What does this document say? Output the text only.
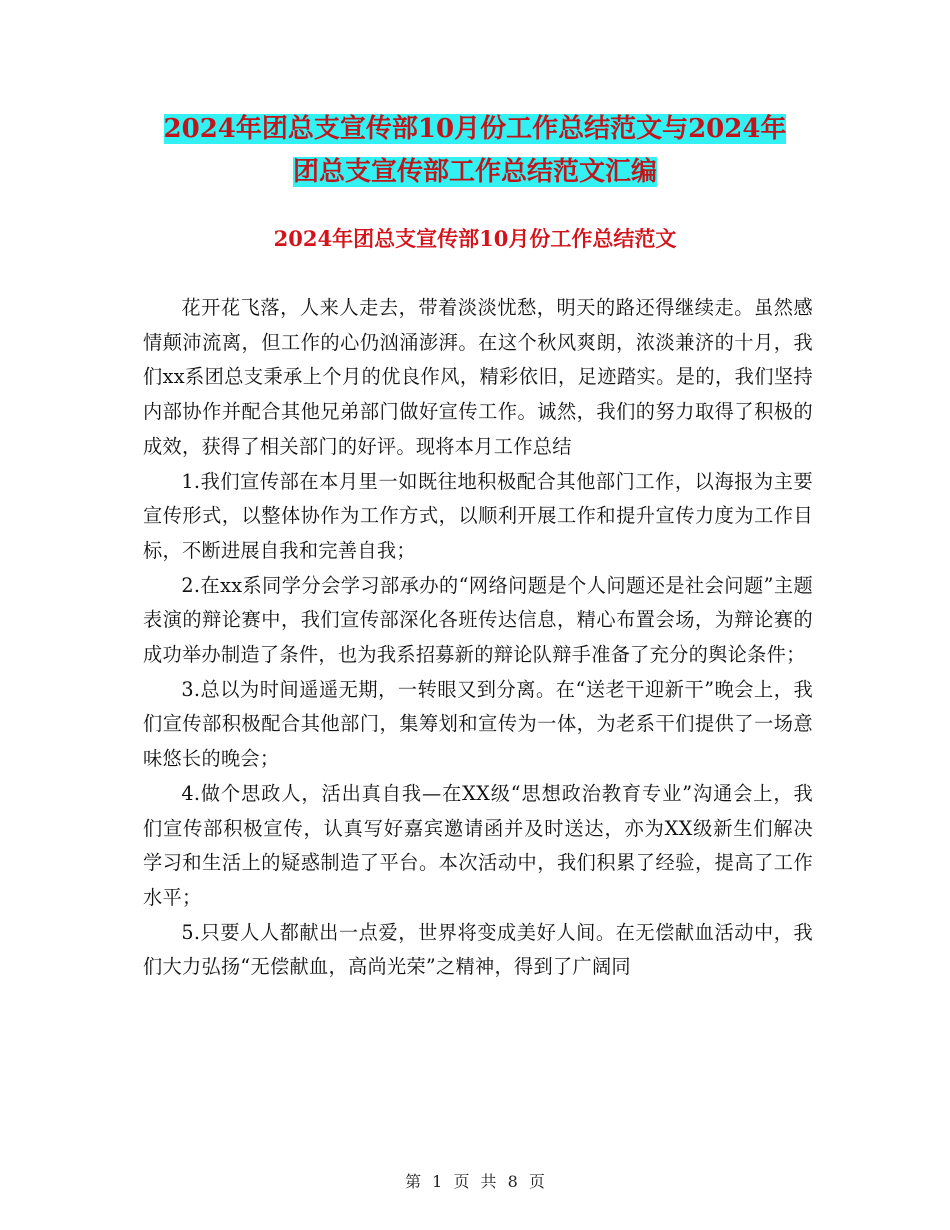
2024年团总支宣传部10月份工作总结范文与2024年
团总支宣传部工作总结范文汇编
2024年团总支宣传部10月份工作总结范文

花开花飞落，人来人走去，带着淡淡忧愁，明天的路还得继续走。虽然感情颠沛流离，但工作的心仍汹涌澎湃。在这个秋风爽朗，浓淡兼济的十月，我们xx系团总支秉承上个月的优良作风，精彩依旧，足迹踏实。是的，我们坚持内部协作并配合其他兄弟部门做好宣传工作。诚然，我们的努力取得了积极的成效，获得了相关部门的好评。现将本月工作总结

1.我们宣传部在本月里一如既往地积极配合其他部门工作，以海报为主要宣传形式，以整体协作为工作方式，以顺利开展工作和提升宣传力度为工作目标，不断进展自我和完善自我；

2.在xx系同学分会学习部承办的“网络问题是个人问题还是社会问题”主题表演的辩论赛中，我们宣传部深化各班传达信息，精心布置会场，为辩论赛的成功举办制造了条件，也为我系招募新的辩论队辩手准备了充分的舆论条件；

3.总以为时间遥遥无期，一转眼又到分离。在“送老干迎新干”晚会上，我们宣传部积极配合其他部门，集筹划和宣传为一体，为老系干们提供了一场意味悠长的晚会；

4.做个思政人，活出真自我—在XX级“思想政治教育专业”沟通会上，我们宣传部积极宣传，认真写好嘉宾邀请函并及时送达，亦为XX级新生们解决学习和生活上的疑惑制造了平台。本次活动中，我们积累了经验，提高了工作水平；

5.只要人人都献出一点爱，世界将变成美好人间。在无偿献血活动中，我们大力弘扬“无偿献血，高尚光荣”之精神，得到了广阔同

第 1 页 共 8 页
